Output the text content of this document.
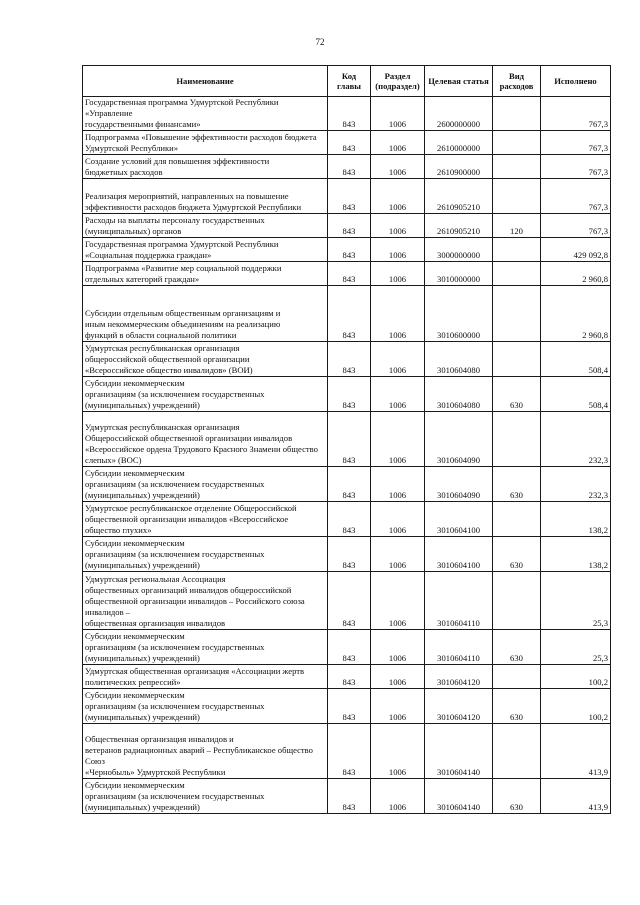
72
Наименование	Код главы	Раздел (подраздел)	Целевая статья	Вид расходов	Исполнено

Государственная программа Удмуртской Республики «Управление
государственными финансами»	843	1006	2600000000		767,3

Подпрограмма «Повышение эффективности расходов бюджета
Удмуртской Республики»	843	1006	2610000000		767,3

Создание условий для повышения эффективности
бюджетных расходов	843	1006	2610900000		767,3

Реализация мероприятий, направленных на повышение
эффективности расходов бюджета Удмуртской Республики	843	1006	2610905210		767,3

Расходы на выплаты персоналу государственных
(муниципальных) органов	843	1006	2610905210	120	767,3

Государственная программа Удмуртской Республики
«Социальная поддержка граждан»	843	1006	3000000000		429 092,8

Подпрограмма «Развитие мер социальной поддержки
отдельных категорий граждан»	843	1006	3010000000		2 960,8

Субсидии отдельным общественным организациям и
иным некоммерческим объединениям на реализацию
функций в области социальной политики	843	1006	3010600000		2 960,8

Удмуртская республиканская организация
общероссийской общественной организации
«Всероссийское общество инвалидов» (ВОИ)	843	1006	3010604080		508,4

Субсидии некоммерческим
организациям (за исключением государственных
(муниципальных) учреждений)	843	1006	3010604080	630	508,4

Удмуртская республиканская организация
Общероссийской общественной организации инвалидов
«Всероссийское ордена Трудового Красного Знамени общество
слепых» (ВОС)	843	1006	3010604090		232,3

Субсидии некоммерческим
организациям (за исключением государственных
(муниципальных) учреждений)	843	1006	3010604090	630	232,3

Удмуртское республиканское отделение Общероссийской
общественной организации инвалидов «Всероссийское
общество глухих»	843	1006	3010604100		138,2

Субсидии некоммерческим
организациям (за исключением государственных
(муниципальных) учреждений)	843	1006	3010604100	630	138,2

Удмуртская региональная Ассоциация
общественных организаций инвалидов общероссийской
общественной организации инвалидов – Российского союза инвалидов –
общественная организация инвалидов	843	1006	3010604110		25,3

Субсидии некоммерческим
организациям (за исключением государственных
(муниципальных) учреждений)	843	1006	3010604110	630	25,3

Удмуртская общественная организация «Ассоциации жертв
политических репрессий»	843	1006	3010604120		100,2

Субсидии некоммерческим
организациям (за исключением государственных
(муниципальных) учреждений)	843	1006	3010604120	630	100,2

Общественная организация инвалидов и
ветеранов радиационных аварий – Республиканское общество Союз
«Чернобыль» Удмуртской Республики	843	1006	3010604140		413,9

Субсидии некоммерческим
организациям (за исключением государственных
(муниципальных) учреждений)	843	1006	3010604140	630	413,9
